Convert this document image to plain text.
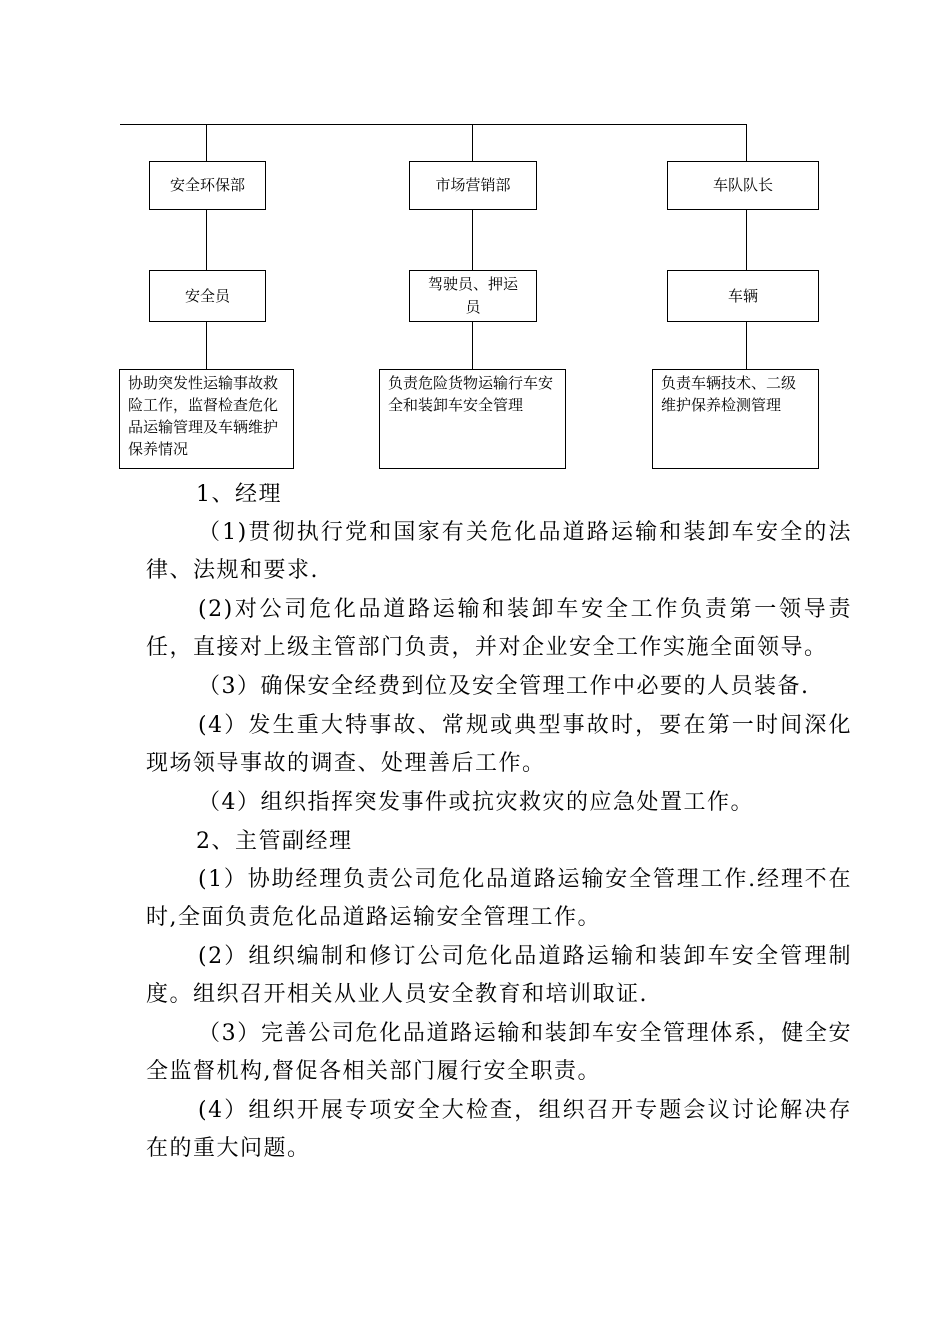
安全环保部	市场营销部	车队队长
安全员
驾驶员、押运员
车辆
协助突发性运输事故救险工作，监督检查危化品运输管理及车辆维护保养情况
负责危险货物运输行车安全和装卸车安全管理
负责车辆技术、二级维护保养检测管理

1、经理

（1)贯彻执行党和国家有关危化品道路运输和装卸车安全的法律、法规和要求.

(2)对公司危化品道路运输和装卸车安全工作负责第一领导责任，直接对上级主管部门负责，并对企业安全工作实施全面领导。

（3）确保安全经费到位及安全管理工作中必要的人员装备.

(4）发生重大特事故、常规或典型事故时，要在第一时间深化现场领导事故的调查、处理善后工作。

（4）组织指挥突发事件或抗灾救灾的应急处置工作。

2、主管副经理

(1）协助经理负责公司危化品道路运输安全管理工作.经理不在时,全面负责危化品道路运输安全管理工作。

(2）组织编制和修订公司危化品道路运输和装卸车安全管理制度。组织召开相关从业人员安全教育和培训取证.

（3）完善公司危化品道路运输和装卸车安全管理体系，健全安全监督机构,督促各相关部门履行安全职责。

(4）组织开展专项安全大检查，组织召开专题会议讨论解决存在的重大问题。
